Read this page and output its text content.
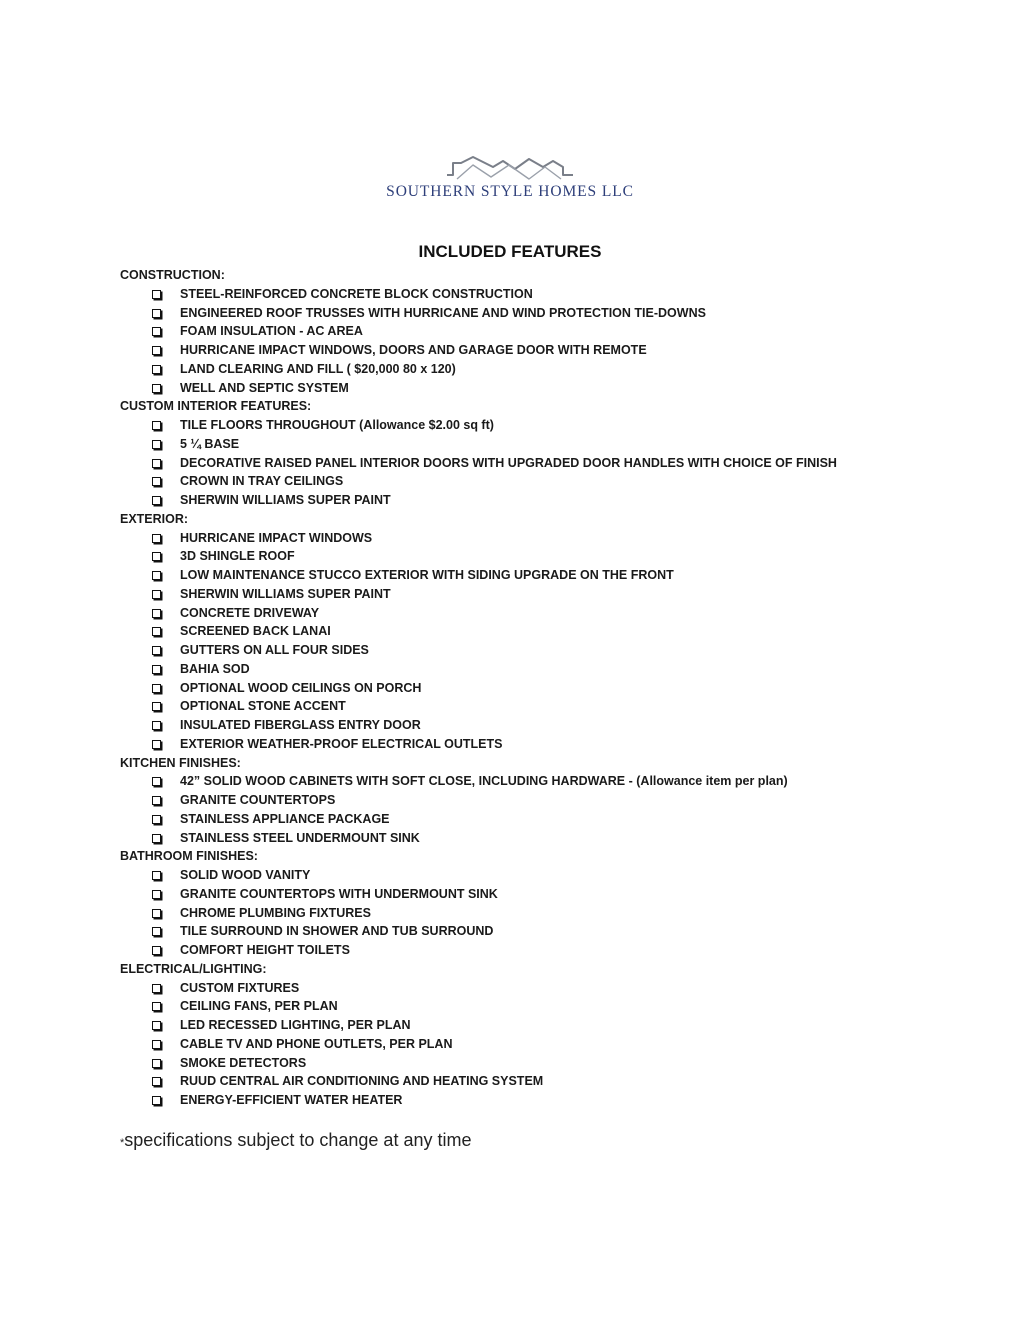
SOUTHERN STYLE HOMES LLC
INCLUDED FEATURES
CONSTRUCTION:
STEEL-REINFORCED CONCRETE BLOCK CONSTRUCTION
ENGINEERED ROOF TRUSSES WITH HURRICANE AND WIND PROTECTION TIE-DOWNS
FOAM INSULATION - AC AREA
HURRICANE IMPACT WINDOWS, DOORS AND GARAGE DOOR WITH REMOTE
LAND CLEARING AND FILL ( $20,000 80 x 120)
WELL AND SEPTIC SYSTEM
CUSTOM INTERIOR FEATURES:
TILE FLOORS THROUGHOUT (Allowance $2.00 sq ft)
5 ¼ BASE
DECORATIVE RAISED PANEL INTERIOR DOORS WITH UPGRADED DOOR HANDLES WITH CHOICE OF FINISH
CROWN IN TRAY CEILINGS
SHERWIN WILLIAMS SUPER PAINT
EXTERIOR:
HURRICANE IMPACT WINDOWS
3D SHINGLE ROOF
LOW MAINTENANCE STUCCO EXTERIOR WITH SIDING UPGRADE ON THE FRONT
SHERWIN WILLIAMS SUPER PAINT
CONCRETE DRIVEWAY
SCREENED BACK LANAI
GUTTERS ON ALL FOUR SIDES
BAHIA SOD
OPTIONAL WOOD CEILINGS ON PORCH
OPTIONAL STONE ACCENT
INSULATED FIBERGLASS ENTRY DOOR
EXTERIOR WEATHER-PROOF ELECTRICAL OUTLETS
KITCHEN FINISHES:
42” SOLID WOOD CABINETS WITH SOFT CLOSE, INCLUDING HARDWARE - (Allowance item per plan)
GRANITE COUNTERTOPS
STAINLESS APPLIANCE PACKAGE
STAINLESS STEEL UNDERMOUNT SINK
BATHROOM FINISHES:
SOLID WOOD VANITY
GRANITE COUNTERTOPS WITH UNDERMOUNT SINK
CHROME PLUMBING FIXTURES
TILE SURROUND IN SHOWER AND TUB SURROUND
COMFORT HEIGHT TOILETS
ELECTRICAL/LIGHTING:
CUSTOM FIXTURES
CEILING FANS, PER PLAN
LED RECESSED LIGHTING, PER PLAN
CABLE TV AND PHONE OUTLETS, PER PLAN
SMOKE DETECTORS
RUUD CENTRAL AIR CONDITIONING AND HEATING SYSTEM
ENERGY-EFFICIENT WATER HEATER
*specifications subject to change at any time
